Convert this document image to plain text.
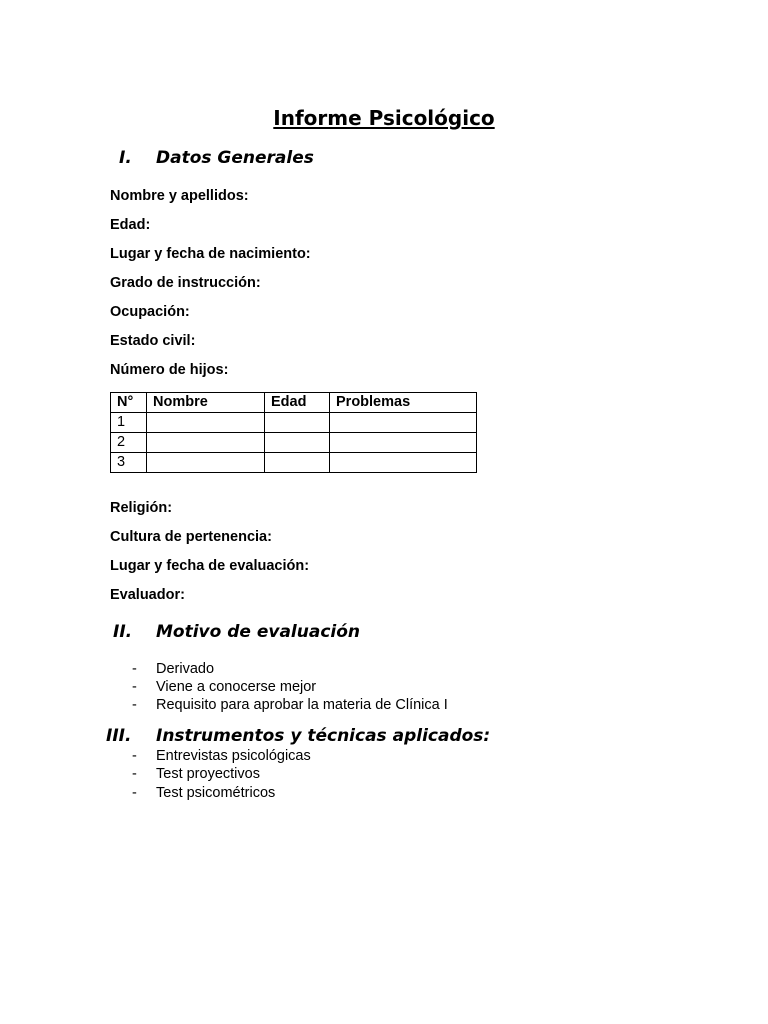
Informe Psicológico
I. Datos Generales
Nombre y apellidos:
Edad:
Lugar y fecha de nacimiento:
Grado de instrucción:
Ocupación:
Estado civil:
Número de hijos:
N°	Nombre	Edad	Problemas
1			
2			
3			
Religión:
Cultura de pertenencia:
Lugar y fecha de evaluación:
Evaluador:
II. Motivo de evaluación
- Derivado
- Viene a conocerse mejor
- Requisito para aprobar la materia de Clínica I
III. Instrumentos y técnicas aplicados:
- Entrevistas psicológicas
- Test proyectivos
- Test psicométricos
